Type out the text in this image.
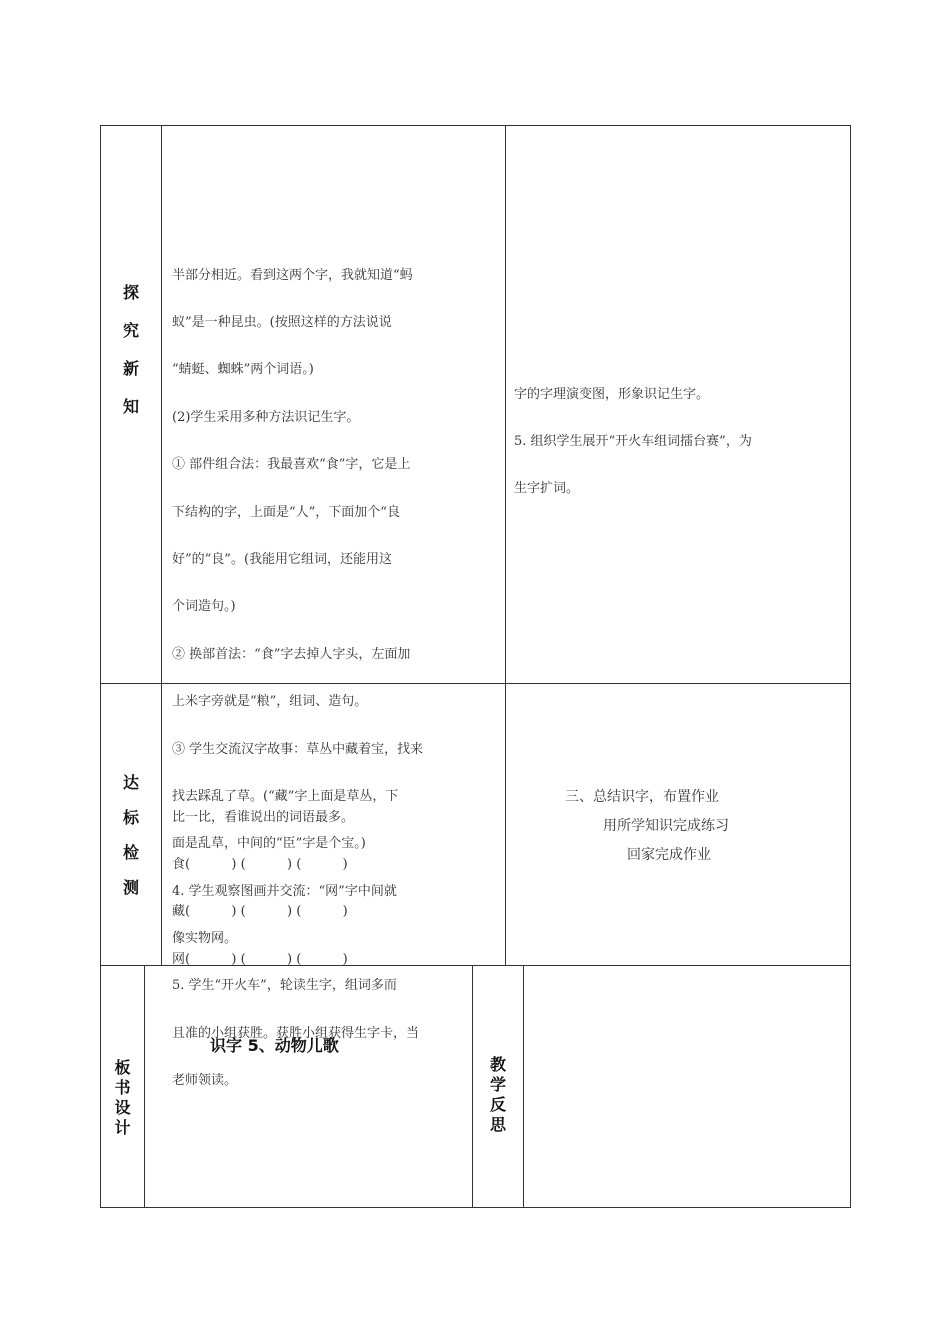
探
究
新
知

半部分相近。看到这两个字，我就知道“蚂

蚁”是一种昆虫。(按照这样的方法说说

“蜻蜓、蜘蛛”两个词语。)

(2)学生采用多种方法识记生字。

① 部件组合法：我最喜欢“食”字，它是上

下结构的字，上面是“人”，下面加个“良

好”的“良”。(我能用它组词，还能用这

个词造句。)

② 换部首法：“食”字去掉人字头，左面加

上米字旁就是“粮”，组词、造句。

③ 学生交流汉字故事：草丛中藏着宝，找来

找去踩乱了草。(“藏”字上面是草丛，下

面是乱草，中间的“臣”字是个宝。)

4. 学生观察图画并交流：“网”字中间就

像实物网。

5. 学生“开火车”，轮读生字，组词多而

且准的小组获胜。获胜小组获得生字卡，当

老师领读。

字的字理演变图，形象识记生字。

5. 组织学生展开“开火车组词擂台赛”，为

生字扩词。

达
标
检
测

比一比，看谁说出的词语最多。

食(          ) (          ) (          )

藏(          ) (          ) (          )

网(          ) (          ) (          )

三、总结识字，布置作业
用所学知识完成练习
回家完成作业
板
书
设
计
识字 5、动物儿歌
教
学
反
思
